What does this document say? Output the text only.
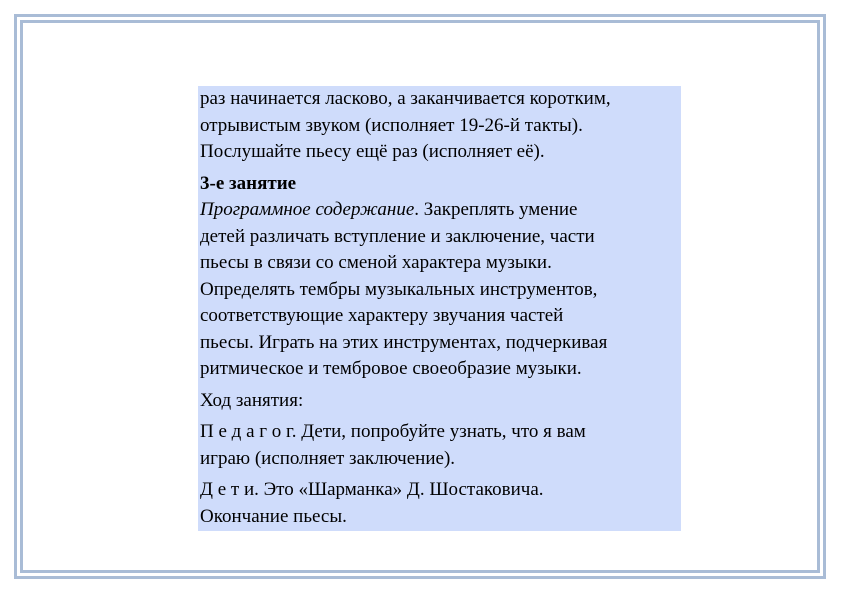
раз начинается ласково, а заканчивается коротким,
отрывистым звуком (исполняет 19-26-й такты).
Послушайте пьесу ещё раз (исполняет её).

3-е занятие

Программное содержание. Закреплять умение
детей различать вступление и заключение, части
пьесы в связи со сменой характера музыки.
Определять тембры музыкальных инструментов,
соответствующие характеру звучания частей
пьесы. Играть на этих инструментах, подчеркивая
ритмическое и тембровое своеобразие музыки.

Ход занятия:

П е д а г о г. Дети, попробуйте узнать, что я вам
играю (исполняет заключение).

Д е т и. Это «Шарманка» Д. Шостаковича.
Окончание пьесы.
